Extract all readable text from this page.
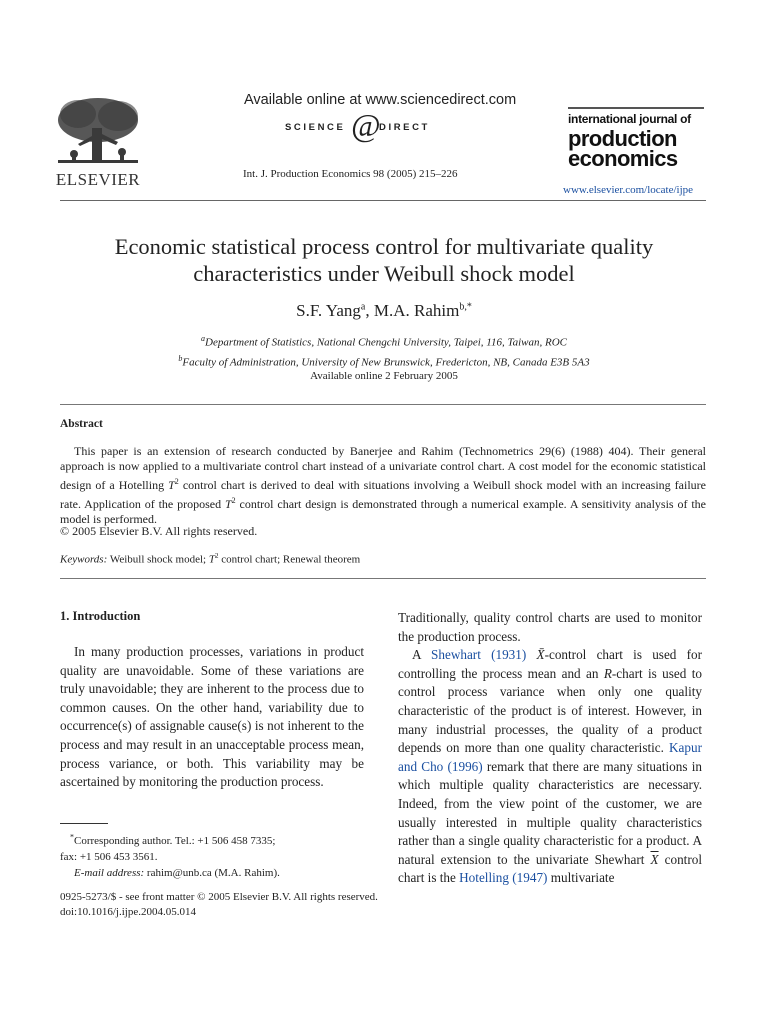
ELSEVIER
Available online at www.sciencedirect.com
SCIENCE @
DIRECT
Int. J. Production Economics 98 (2005) 215–226
international journal of
production
economics
www.elsevier.com/locate/ijpe
Economic statistical process control for multivariate quality
characteristics under Weibull shock model
S.F. Yang$^a$, M.A. Rahim$^{b,*}$
$^a$Department of Statistics, National Chengchi University, Taipei, 116, Taiwan, ROC
$^b$Faculty of Administration, University of New Brunswick, Fredericton, NB, Canada E3B 5A3
Available online 2 February 2005
Abstract
This paper is an extension of research conducted by Banerjee and Rahim (Technometrics 29(6) (1988) 404). Their general approach is now applied to a multivariate control chart instead of a univariate control chart. A cost model for the economic statistical design of a Hotelling $T^2$ control chart is derived to deal with situations involving a Weibull shock model with an increasing failure rate. Application of the proposed $T^2$ control chart design is demonstrated through a numerical example. A sensitivity analysis of the model is performed.
© 2005 Elsevier B.V. All rights reserved.
Keywords: Weibull shock model; $T^2$ control chart; Renewal theorem
1. Introduction
In many production processes, variations in product quality are unavoidable. Some of these variations are truly unavoidable; they are inherent to the process due to common causes. On the other hand, variability due to occurrence(s) of assignable cause(s) is not inherent to the process and may result in an unacceptable process mean, process variance, or both. This variability may be ascertained by monitoring the production process.

Traditionally, quality control charts are used to monitor the production process.

A Shewhart (1931) X̄-control chart is used for controlling the process mean and an R-chart is used to control process variance when only one quality characteristic of the product is of interest. However, in many industrial processes, the quality of a product depends on more than one quality characteristic. Kapur and Cho (1996) remark that there are many situations in which multiple quality characteristics are necessary. Indeed, from the view point of the customer, we are usually interested in multiple quality characteristics rather than a single quality characteristic for a product. A natural extension to the univariate Shewhart $\overline{X}$ control chart is the Hotelling (1947) multivariate

*Corresponding author. Tel.: +1 506 458 7335;
fax: +1 506 453 3561.
E-mail address: rahim@unb.ca (M.A. Rahim).
0925-5273/$ - see front matter © 2005 Elsevier B.V. All rights reserved.
doi:10.1016/j.ijpe.2004.05.014
